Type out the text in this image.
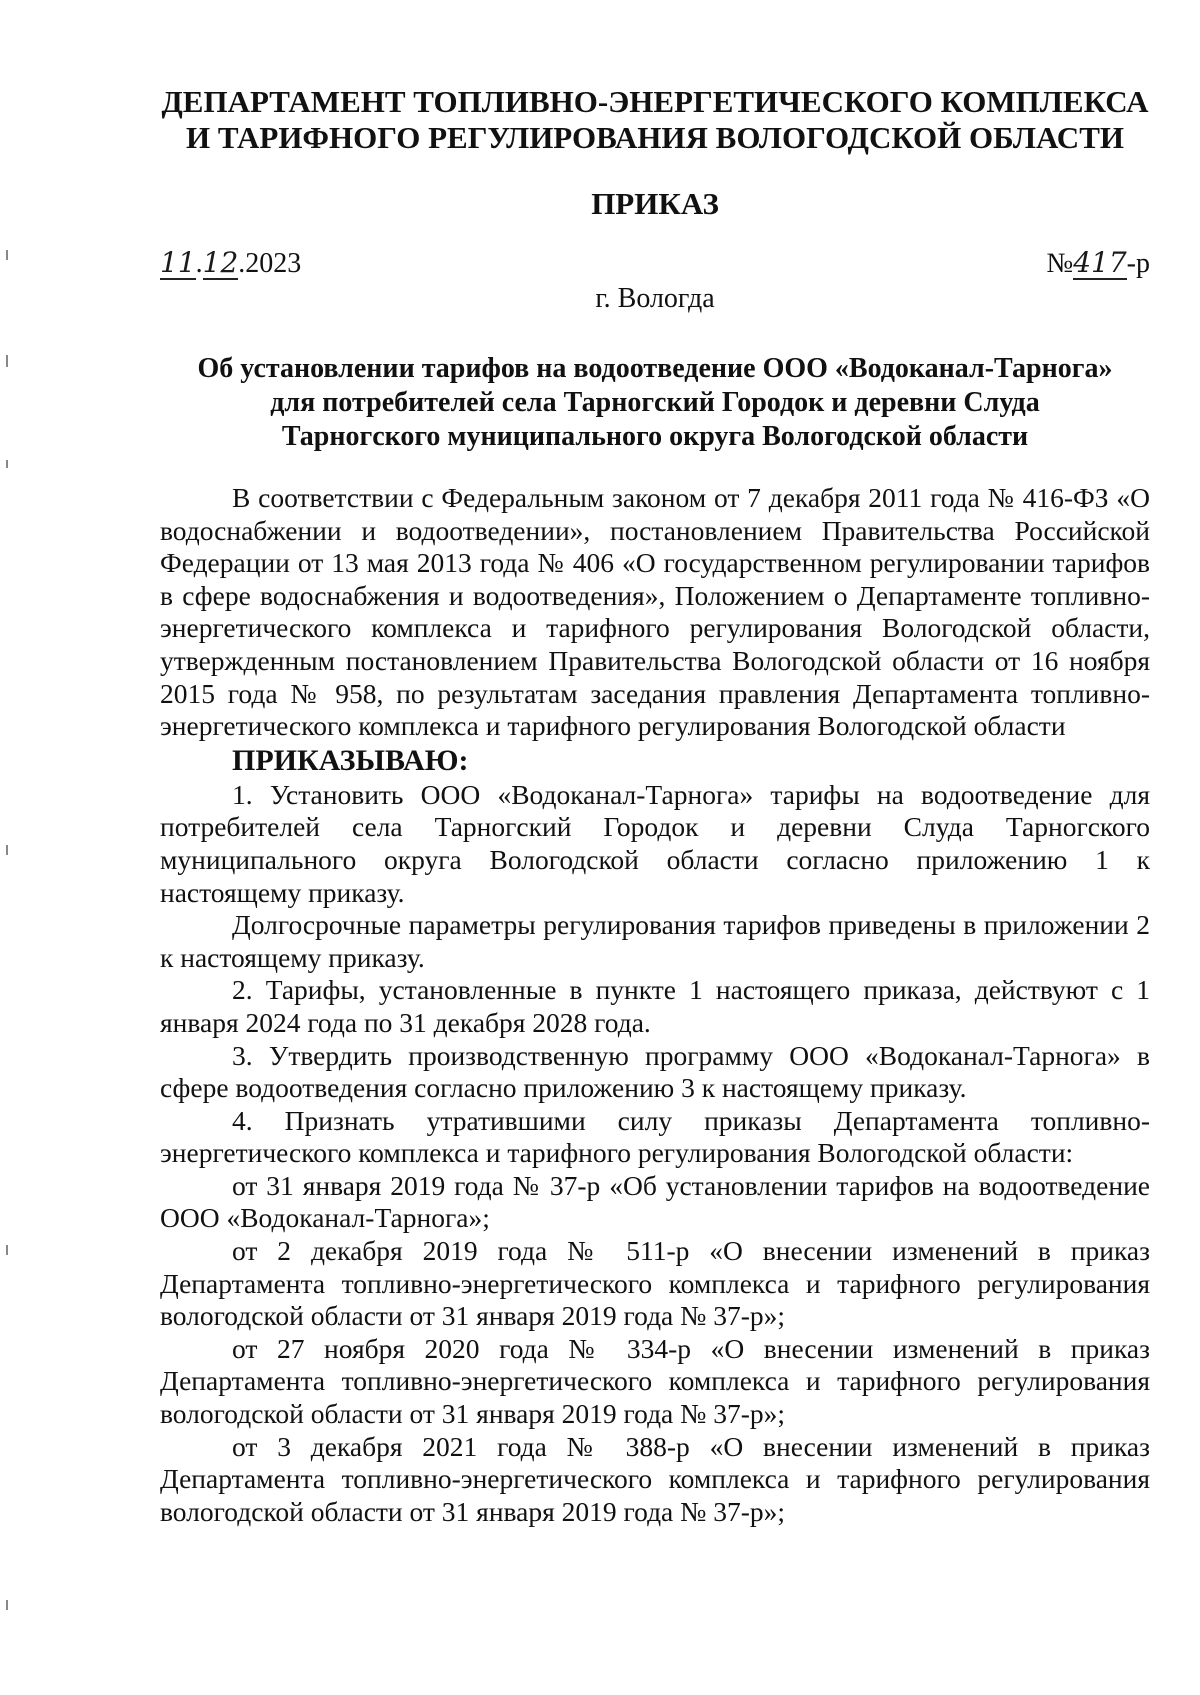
ДЕПАРТАМЕНТ ТОПЛИВНО-ЭНЕРГЕТИЧЕСКОГО КОМПЛЕКСА
И ТАРИФНОГО РЕГУЛИРОВАНИЯ ВОЛОГОДСКОЙ ОБЛАСТИ
ПРИКАЗ
11.12.2023	№417-р
г. Вологда
Об установлении тарифов на водоотведение ООО «Водоканал-Тарнога»
для потребителей села Тарногский Городок и деревни Слуда
Тарногского муниципального округа Вологодской области

В соответствии с Федеральным законом от 7 декабря 2011 года № 416-ФЗ «О водоснабжении и водоотведении», постановлением Правительства Российской Федерации от 13 мая 2013 года № 406 «О государственном регулировании тарифов в сфере водоснабжения и водоотведения», Положением о Департаменте топливно-энергетического комплекса и тарифного регулирования Вологодской области, утвержденным постановлением Правительства Вологодской области от 16 ноября 2015 года № 958, по результатам заседания правления Департамента топливно-энергетического комплекса и тарифного регулирования Вологодской области

ПРИКАЗЫВАЮ:

1. Установить ООО «Водоканал-Тарнога» тарифы на водоотведение для потребителей села Тарногский Городок и деревни Слуда Тарногского муниципального округа Вологодской области согласно приложению 1 к настоящему приказу.

Долгосрочные параметры регулирования тарифов приведены в приложении 2 к настоящему приказу.

2. Тарифы, установленные в пункте 1 настоящего приказа, действуют с 1 января 2024 года по 31 декабря 2028 года.

3. Утвердить производственную программу ООО «Водоканал-Тарнога» в сфере водоотведения согласно приложению 3 к настоящему приказу.

4. Признать утратившими силу приказы Департамента топливно-энергетического комплекса и тарифного регулирования Вологодской области:

от 31 января 2019 года № 37-р «Об установлении тарифов на водоотведение ООО «Водоканал-Тарнога»;

от 2 декабря 2019 года № 511-р «О внесении изменений в приказ Департамента топливно-энергетического комплекса и тарифного регулирования вологодской области от 31 января 2019 года № 37-р»;

от 27 ноября 2020 года № 334-р «О внесении изменений в приказ Департамента топливно-энергетического комплекса и тарифного регулирования вологодской области от 31 января 2019 года № 37-р»;

от 3 декабря 2021 года № 388-р «О внесении изменений в приказ Департамента топливно-энергетического комплекса и тарифного регулирования вологодской области от 31 января 2019 года № 37-р»;
